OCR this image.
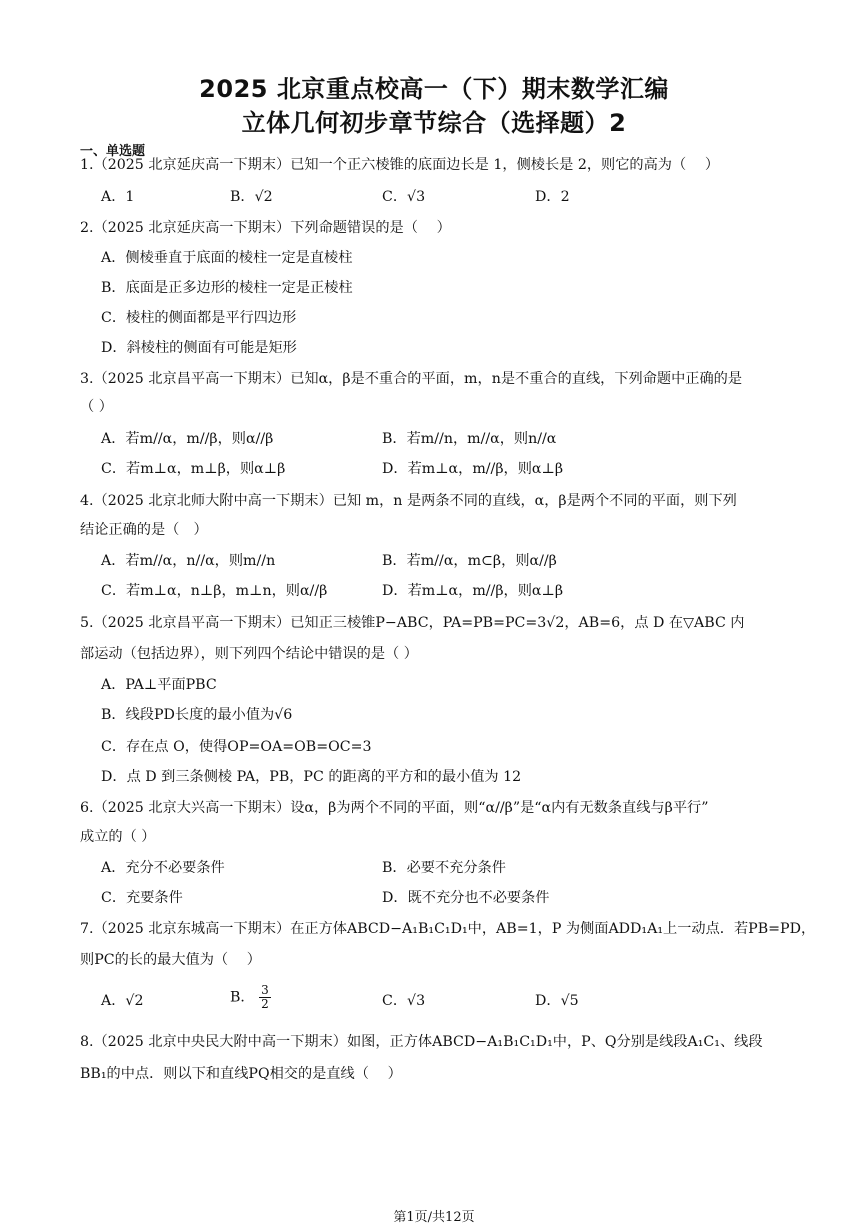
2025 北京重点校高一（下）期末数学汇编
立体几何初步章节综合（选择题）2
一、单选题
1.（2025 北京延庆高一下期末）已知一个正六棱锥的底面边长是 1，侧棱长是 2，则它的高为（　 ）
A．1	B．√2	C．√3	D．2
2.（2025 北京延庆高一下期末）下列命题错误的是（　 ）
A．侧棱垂直于底面的棱柱一定是直棱柱
B．底面是正多边形的棱柱一定是正棱柱
C．棱柱的侧面都是平行四边形
D．斜棱柱的侧面有可能是矩形
3.（2025 北京昌平高一下期末）已知α，β是不重合的平面，m，n是不重合的直线，下列命题中正确的是
（ ）
A．若m//α，m//β，则α//β	B．若m//n，m//α，则n//α
C．若m⊥α，m⊥β，则α⊥β	D．若m⊥α，m//β，则α⊥β
4.（2025 北京北师大附中高一下期末）已知 m，n 是两条不同的直线，α，β是两个不同的平面，则下列
结论正确的是（　）
A．若m//α，n//α，则m//n	B．若m//α，m⊂β，则α//β
C．若m⊥α，n⊥β，m⊥n，则α//β	D．若m⊥α，m//β，则α⊥β
5.（2025 北京昌平高一下期末）已知正三棱锥P−ABC，PA=PB=PC=3√2，AB=6，点 D 在▽ABC 内
部运动（包括边界），则下列四个结论中错误的是（ ）
A．PA⊥平面PBC
B．线段PD长度的最小值为√6
C．存在点 O，使得OP=OA=OB=OC=3
D．点 D 到三条侧棱 PA，PB，PC 的距离的平方和的最小值为 12
6.（2025 北京大兴高一下期末）设α，β为两个不同的平面，则“α//β”是“α内有无数条直线与β平行”
成立的（ ）
A．充分不必要条件	B．必要不充分条件
C．充要条件	D．既不充分也不必要条件
7.（2025 北京东城高一下期末）在正方体ABCD−A₁B₁C₁D₁中，AB=1，P 为侧面ADD₁A₁上一动点．若PB=PD，
则PC的长的最大值为（　 ）
A．√2	B． $\frac{3}{2}$	C．√3	D．√5
8.（2025 北京中央民大附中高一下期末）如图，正方体ABCD−A₁B₁C₁D₁中，P、Q分别是线段A₁C₁、线段
BB₁的中点．则以下和直线PQ相交的是直线（　 ）
第1页/共12页
